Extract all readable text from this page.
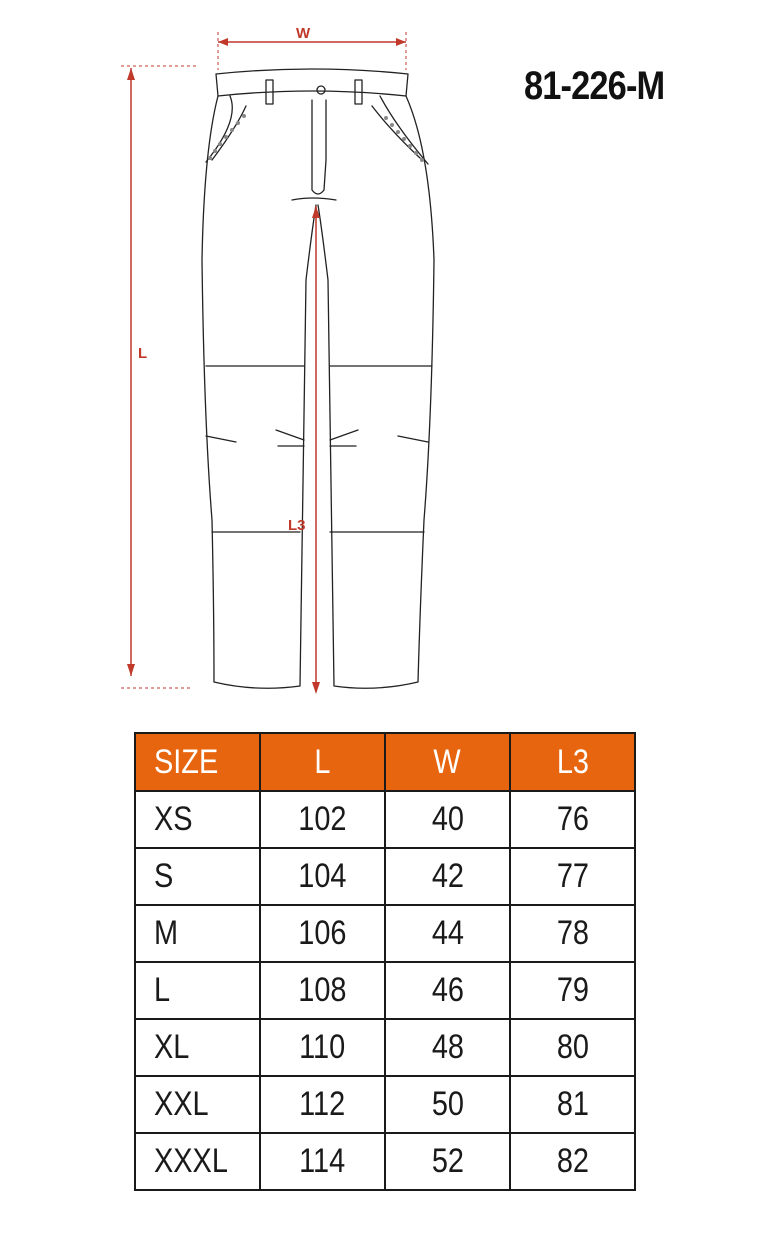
W
L
L3
81-226-M
SIZE	L	W	L3
XS	102	40	76
S	104	42	77
M	106	44	78
L	108	46	79
XL	110	48	80
XXL	112	50	81
XXXL	114	52	82
